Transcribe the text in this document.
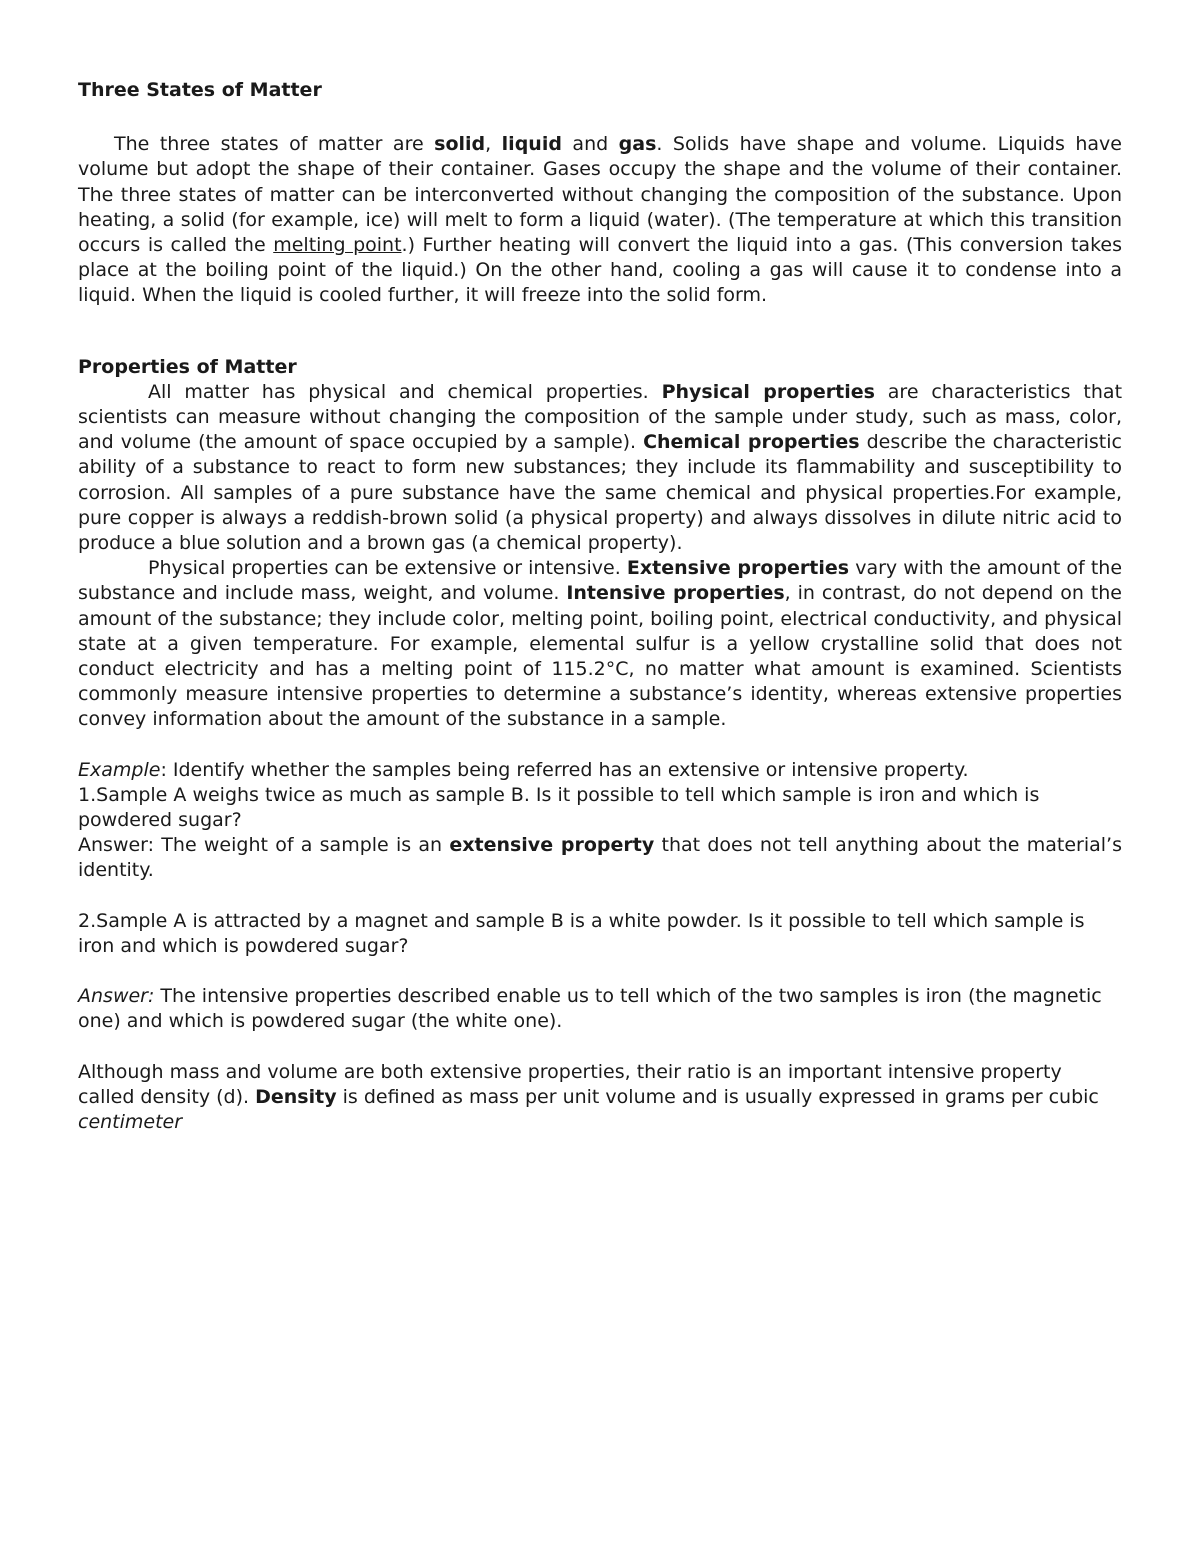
Three States of Matter

The three states of matter are solid, liquid and gas. Solids have shape and volume. Liquids have volume but adopt the shape of their container. Gases occupy the shape and the volume of their container. The three states of matter can be interconverted without changing the composition of the substance. Upon heating, a solid (for example, ice) will melt to form a liquid (water). (The temperature at which this transition occurs is called the melting point.) Further heating will convert the liquid into a gas. (This conversion takes place at the boiling point of the liquid.) On the other hand, cooling a gas will cause it to condense into a liquid. When the liquid is cooled further, it will freeze into the solid form.

Properties of Matter

All matter has physical and chemical properties. Physical properties are characteristics that scientists can measure without changing the composition of the sample under study, such as mass, color, and volume (the amount of space occupied by a sample). Chemical properties describe the characteristic ability of a substance to react to form new substances; they include its flammability and susceptibility to corrosion. All samples of a pure substance have the same chemical and physical properties.For example, pure copper is always a reddish-brown solid (a physical property) and always dissolves in dilute nitric acid to produce a blue solution and a brown gas (a chemical property).

Physical properties can be extensive or intensive. Extensive properties vary with the amount of the substance and include mass, weight, and volume. Intensive properties, in contrast, do not depend on the amount of the substance; they include color, melting point, boiling point, electrical conductivity, and physical state at a given temperature. For example, elemental sulfur is a yellow crystalline solid that does not conduct electricity and has a melting point of 115.2°C, no matter what amount is examined. Scientists commonly measure intensive properties to determine a substance’s identity, whereas extensive properties convey information about the amount of the substance in a sample.

Example: Identify whether the samples being referred has an extensive or intensive property.

1.Sample A weighs twice as much as sample B. Is it possible to tell which sample is iron and which is powdered sugar?

Answer: The weight of a sample is an extensive property that does not tell anything about the material’s identity.

2.Sample A is attracted by a magnet and sample B is a white powder. Is it possible to tell which sample is iron and which is powdered sugar?

Answer: The intensive properties described enable us to tell which of the two samples is iron (the magnetic one) and which is powdered sugar (the white one).

Although mass and volume are both extensive properties, their ratio is an important intensive property called density (d). Density is defined as mass per unit volume and is usually expressed in grams per cubic centimeter
